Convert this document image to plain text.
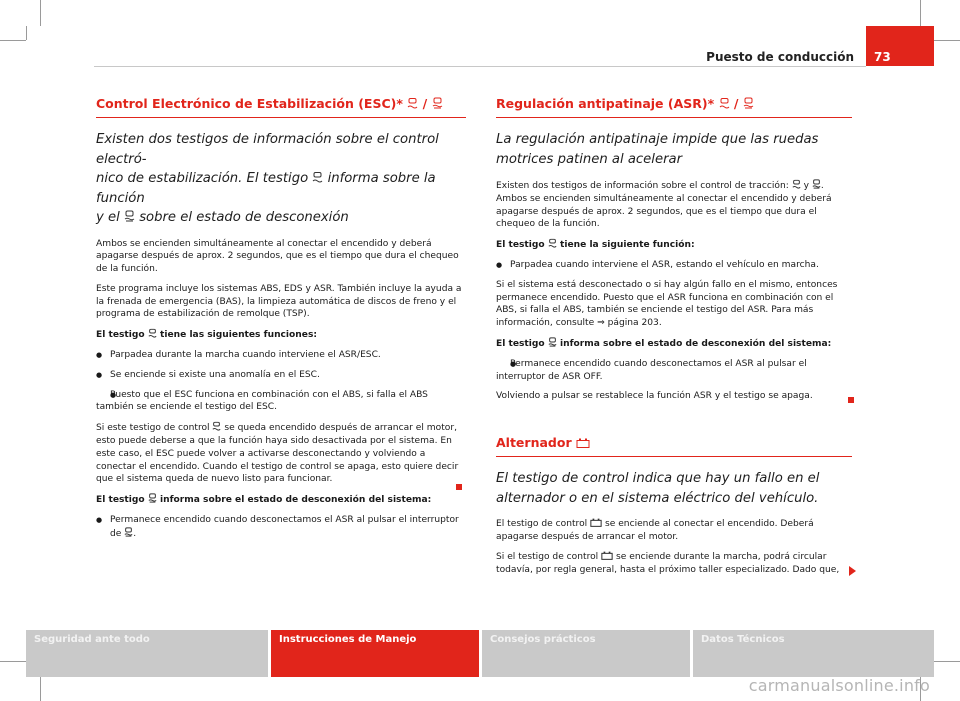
Puesto de conducción 73
Control Electrónico de Estabilización (ESC)* /
Existen dos testigos de información sobre el control electró-
nico de estabilización. El testigo informa sobre la función
y el sobre el estado de desconexión

Ambos se encienden simultáneamente al conectar el encendido y deberá apagarse después de aprox. 2 segundos, que es el tiempo que dura el chequeo de la función.

Este programa incluye los sistemas ABS, EDS y ASR. También incluye la ayuda a la frenada de emergencia (BAS), la limpieza automática de discos de freno y el programa de estabilización de remolque (TSP).

El testigo tiene las siguientes funciones:

● Parpadea durante la marcha cuando interviene el ASR/ESC.

● Se enciende si existe una anomalía en el ESC.

● Puesto que el ESC funciona en combinación con el ABS, si falla el ABS también se enciende el testigo del ESC.

Si este testigo de control se queda encendido después de arrancar el motor, esto puede deberse a que la función haya sido desactivada por el sistema. En este caso, el ESC puede volver a activarse desconectando y volviendo a conectar el encendido. Cuando el testigo de control se apaga, esto quiere decir que el sistema queda de nuevo listo para funcionar.

El testigo informa sobre el estado de desconexión del sistema:

● Permanece encendido cuando desconectamos el ASR al pulsar el interruptor de .

Regulación antipatinaje (ASR)* /
La regulación antipatinaje impide que las ruedas motrices patinen al acelerar

Existen dos testigos de información sobre el control de tracción: y . Ambos se encienden simultáneamente al conectar el encendido y deberá apagarse después de aprox. 2 segundos, que es el tiempo que dura el chequeo de la función.

El testigo tiene la siguiente función:

● Parpadea cuando interviene el ASR, estando el vehículo en marcha.

Si el sistema está desconectado o si hay algún fallo en el mismo, entonces permanece encendido. Puesto que el ASR funciona en combinación con el ABS, si falla el ABS, también se enciende el testigo del ASR. Para más información, consulte ⇒ página 203.

El testigo informa sobre el estado de desconexión del sistema:

● Permanece encendido cuando desconectamos el ASR al pulsar el interruptor de ASR OFF.

Volviendo a pulsar se restablece la función ASR y el testigo se apaga.

Alternador
El testigo de control indica que hay un fallo en el alternador o en el sistema eléctrico del vehículo.

El testigo de control se enciende al conectar el encendido. Deberá apagarse después de arrancar el motor.

Si el testigo de control se enciende durante la marcha, podrá circular todavía, por regla general, hasta el próximo taller especializado. Dado que,

Seguridad ante todo	Instrucciones de Manejo	Consejos prácticos	Datos Técnicos
carmanualsonline.info
